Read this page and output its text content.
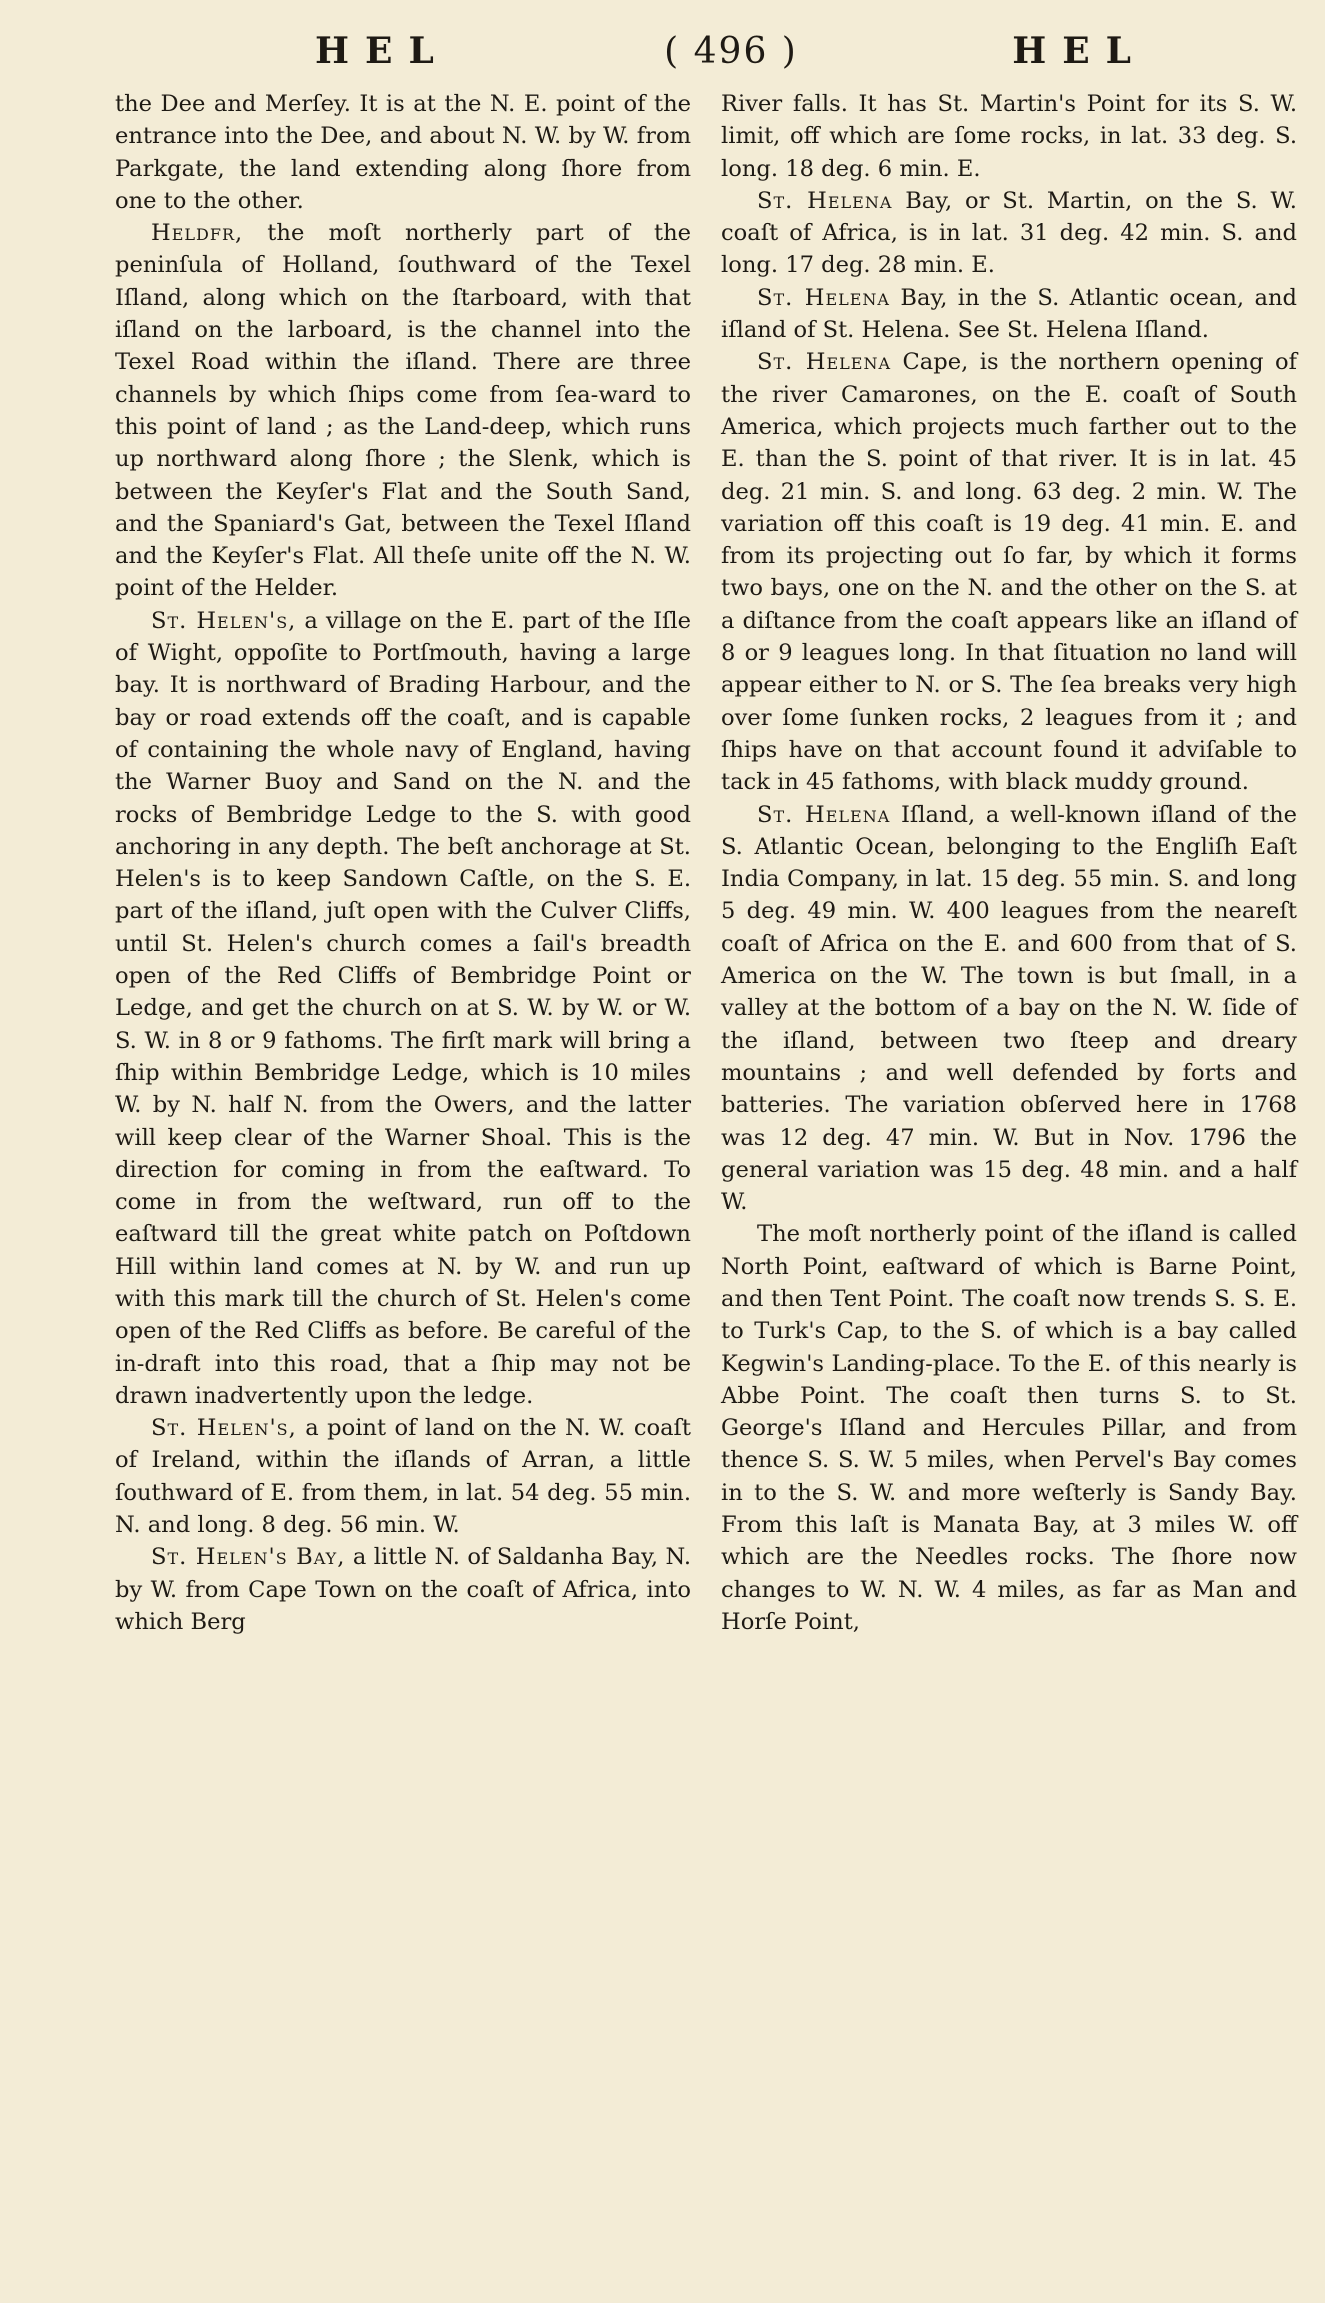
HEL	( 496 )	HEL

the Dee and Merſey. It is at the N. E. point of the entrance into the Dee, and about N. W. by W. from Parkgate, the land extending along ſhore from one to the other.

Heldfr, the moſt northerly part of the peninſula of Holland, ſouthward of the Texel Iſland, along which on the ſtarboard, with that iſland on the larboard, is the channel into the Texel Road within the iſland. There are three channels by which ſhips come from ſea-ward to this point of land ; as the Land-deep, which runs up northward along ſhore ; the Slenk, which is between the Keyſer's Flat and the South Sand, and the Spaniard's Gat, between the Texel Iſland and the Keyſer's Flat. All theſe unite off the N. W. point of the Helder.

St. Helen's, a village on the E. part of the Iſle of Wight, oppoſite to Portſmouth, having a large bay. It is northward of Brading Harbour, and the bay or road extends off the coaſt, and is capable of containing the whole navy of England, having the Warner Buoy and Sand on the N. and the rocks of Bembridge Ledge to the S. with good anchoring in any depth. The beſt anchorage at St. Helen's is to keep Sandown Caſtle, on the S. E. part of the iſland, juſt open with the Culver Cliffs, until St. Helen's church comes a ſail's breadth open of the Red Cliffs of Bembridge Point or Ledge, and get the church on at S. W. by W. or W. S. W. in 8 or 9 fathoms. The firſt mark will bring a ſhip within Bembridge Ledge, which is 10 miles W. by N. half N. from the Owers, and the latter will keep clear of the Warner Shoal. This is the direction for coming in from the eaſtward. To come in from the weſtward, run off to the eaſtward till the great white patch on Poſtdown Hill within land comes at N. by W. and run up with this mark till the church of St. Helen's come open of the Red Cliffs as before. Be careful of the in-draft into this road, that a ſhip may not be drawn inadvertently upon the ledge.

St. Helen's, a point of land on the N. W. coaſt of Ireland, within the iſlands of Arran, a little ſouthward of E. from them, in lat. 54 deg. 55 min. N. and long. 8 deg. 56 min. W.

St. Helen's Bay, a little N. of Saldanha Bay, N. by W. from Cape Town on the coaſt of Africa, into which Berg

River falls. It has St. Martin's Point for its S. W. limit, off which are ſome rocks, in lat. 33 deg. S. long. 18 deg. 6 min. E.

St. Helena Bay, or St. Martin, on the S. W. coaſt of Africa, is in lat. 31 deg. 42 min. S. and long. 17 deg. 28 min. E.

St. Helena Bay, in the S. Atlantic ocean, and iſland of St. Helena. See St. Helena Iſland.

St. Helena Cape, is the northern opening of the river Camarones, on the E. coaſt of South America, which projects much farther out to the E. than the S. point of that river. It is in lat. 45 deg. 21 min. S. and long. 63 deg. 2 min. W. The variation off this coaſt is 19 deg. 41 min. E. and from its projecting out ſo far, by which it forms two bays, one on the N. and the other on the S. at a diſtance from the coaſt appears like an iſland of 8 or 9 leagues long. In that ſituation no land will appear either to N. or S. The ſea breaks very high over ſome ſunken rocks, 2 leagues from it ; and ſhips have on that account found it adviſable to tack in 45 fathoms, with black muddy ground.

St. Helena Iſland, a well-known iſland of the S. Atlantic Ocean, belonging to the Engliſh Eaſt India Company, in lat. 15 deg. 55 min. S. and long 5 deg. 49 min. W. 400 leagues from the neareſt coaſt of Africa on the E. and 600 from that of S. America on the W. The town is but ſmall, in a valley at the bottom of a bay on the N. W. ſide of the iſland, between two ſteep and dreary mountains ; and well defended by forts and batteries. The variation obſerved here in 1768 was 12 deg. 47 min. W. But in Nov. 1796 the general variation was 15 deg. 48 min. and a half W.

The moſt northerly point of the iſland is called North Point, eaſtward of which is Barne Point, and then Tent Point. The coaſt now trends S. S. E. to Turk's Cap, to the S. of which is a bay called Kegwin's Landing-place. To the E. of this nearly is Abbe Point. The coaſt then turns S. to St. George's Iſland and Hercules Pillar, and from thence S. S. W. 5 miles, when Pervel's Bay comes in to the S. W. and more weſterly is Sandy Bay. From this laſt is Manata Bay, at 3 miles W. off which are the Needles rocks. The ſhore now changes to W. N. W. 4 miles, as far as Man and Horſe Point,
